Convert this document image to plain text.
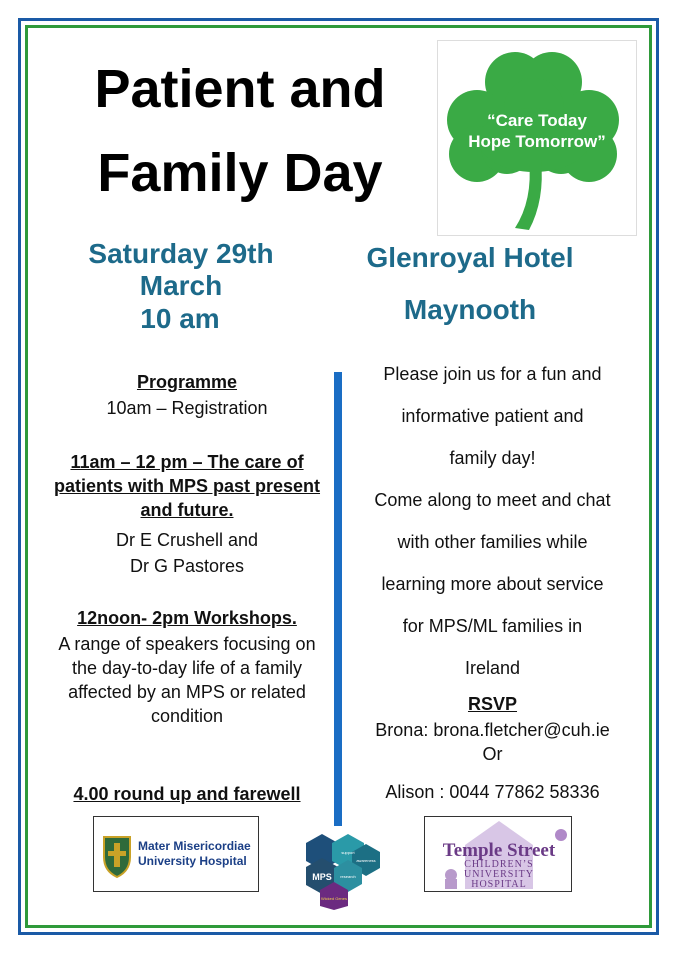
Patient and
Family Day
“Care Today
Hope Tomorrow”
Saturday 29th March
10 am
Glenroyal Hotel
Maynooth
Programme
10am – Registration
11am – 12 pm – The care of patients with MPS past present and future.
Dr E Crushell and
Dr G Pastores
12noon- 2pm Workshops.
A range of speakers focusing on the day-to-day life of a family affected by an MPS or related condition
4.00 round up and farewell
Please join us for a fun and
informative patient and
family day!
Come along to meet and chat
with other families while
learning more about service
for MPS/ML families in
Ireland
RSVP
Brona: brona.fletcher@cuh.ie
Or
Alison : 0044 77862 58336
Mater Misericordiae
University Hospital
MPS
support
research
awareness
Wicked Genes
Temple Street
CHILDREN’S
UNIVERSITY
HOSPITAL
